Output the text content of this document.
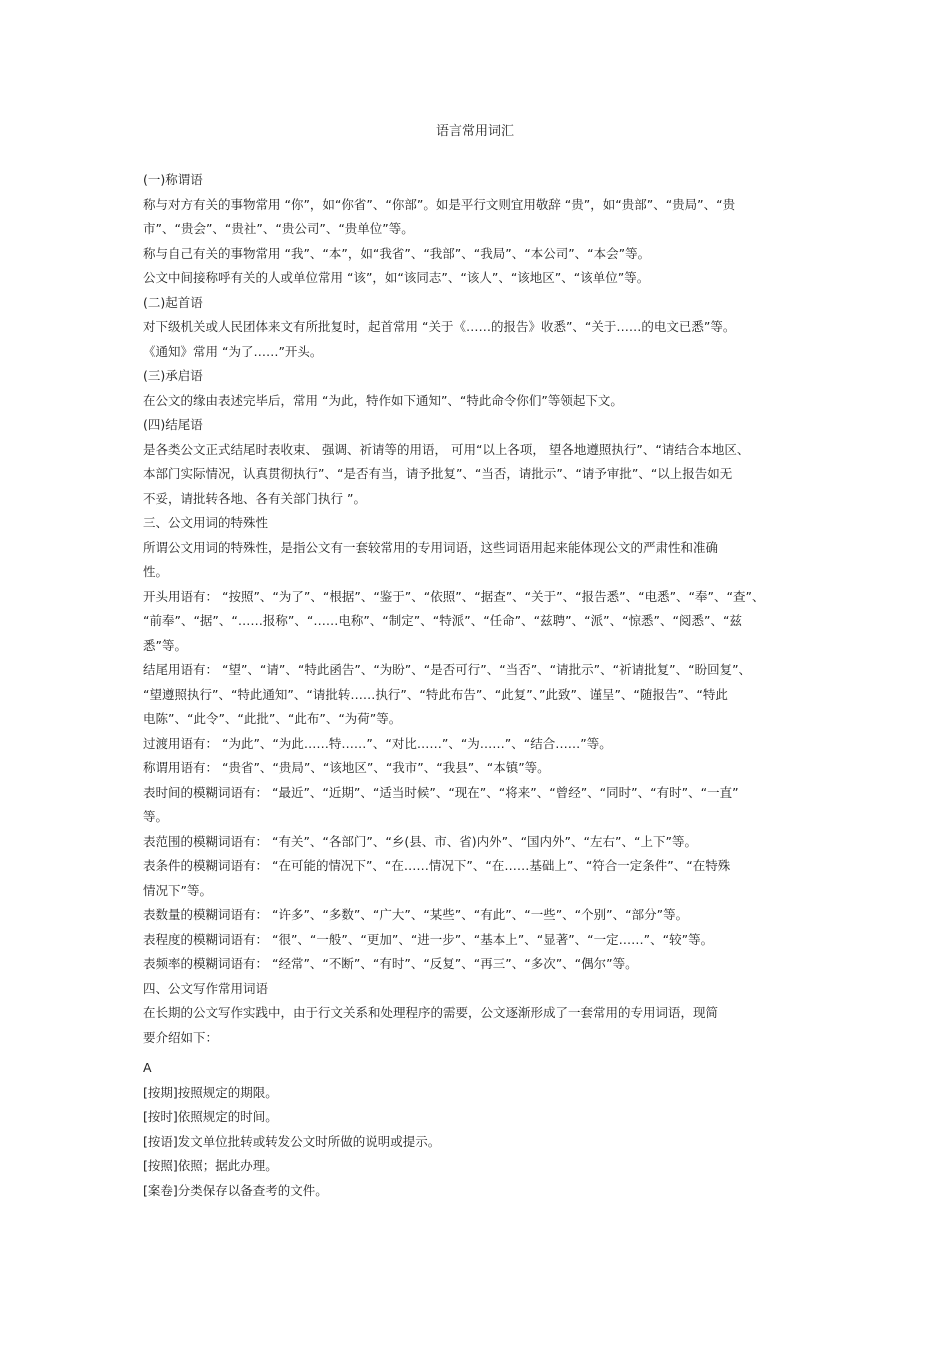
语言常用词汇
(一)称谓语
称与对方有关的事物常用 “你”，如“你省”、“你部”。如是平行文则宜用敬辞 “贵”，如“贵部”、“贵局”、“贵
市”、“贵会”、“贵社”、“贵公司”、“贵单位”等。
称与自己有关的事物常用 “我”、“本”，如“我省”、“我部”、“我局”、“本公司”、“本会”等。
公文中间接称呼有关的人或单位常用 “该”，如“该同志”、“该人”、“该地区”、“该单位”等。
(二)起首语
对下级机关或人民团体来文有所批复时，起首常用 “关于《……的报告》收悉”、“关于……的电文已悉”等。
《通知》常用 “为了……”开头。
(三)承启语
在公文的缘由表述完毕后，常用 “为此，特作如下通知”、“特此命令你们”等领起下文。
(四)结尾语
是各类公文正式结尾时表收束、 强调、祈请等的用语， 可用“以上各项， 望各地遵照执行”、“请结合本地区、
本部门实际情况，认真贯彻执行”、“是否有当，请予批复”、“当否，请批示”、“请予审批”、“以上报告如无
不妥，请批转各地、各有关部门执行 ”。
三、公文用词的特殊性
所谓公文用词的特殊性，是指公文有一套较常用的专用词语，这些词语用起来能体现公文的严肃性和准确
性。
开头用语有： “按照”、“为了”、“根据”、“鉴于”、“依照”、“据查”、“关于”、“报告悉”、“电悉”、“奉”、“查”、
“前奉”、“据”、“……报称”、“……电称”、“制定”、“特派”、“任命”、“兹聘”、“派”、“惊悉”、“阅悉”、“兹
悉”等。
结尾用语有： “望”、“请”、“特此函告”、“为盼”、“是否可行”、“当否”、“请批示”、“祈请批复”、“盼回复”、
“望遵照执行”、“特此通知”、“请批转……执行”、“特此布告”、“此复”、”此致”、谨呈”、“随报告”、“特此
电陈”、“此令”、“此批”、“此布”、“为荷”等。
过渡用语有： “为此”、“为此……特……”、“对比……”、“为……”、“结合……”等。
称谓用语有： “贵省”、“贵局”、“该地区”、“我市”、“我县”、“本镇”等。
表时间的模糊词语有： “最近”、“近期”、“适当时候”、“现在”、“将来”、“曾经”、“同时”、“有时”、“一直”
等。
表范围的模糊词语有： “有关”、“各部门”、“乡(县、市、省)内外”、“国内外”、“左右”、“上下”等。
表条件的模糊词语有： “在可能的情况下”、“在……情况下”、“在……基础上”、“符合一定条件”、“在特殊
情况下”等。
表数量的模糊词语有： “许多”、“多数”、“广大”、“某些”、“有此”、“一些”、“个别”、“部分”等。
表程度的模糊词语有： “很”、“一般”、“更加”、“进一步”、“基本上”、“显著”、“一定……”、“较”等。
表频率的模糊词语有： “经常”、“不断”、“有时”、“反复”、“再三”、“多次”、“偶尔”等。
四、公文写作常用词语
在长期的公文写作实践中，由于行文关系和处理程序的需要，公文逐渐形成了一套常用的专用词语，现简
要介绍如下：
A
[按期]按照规定的期限。
[按时]依照规定的时间。
[按语]发文单位批转或转发公文时所做的说明或提示。
[按照]依照；据此办理。
[案卷]分类保存以备查考的文件。
